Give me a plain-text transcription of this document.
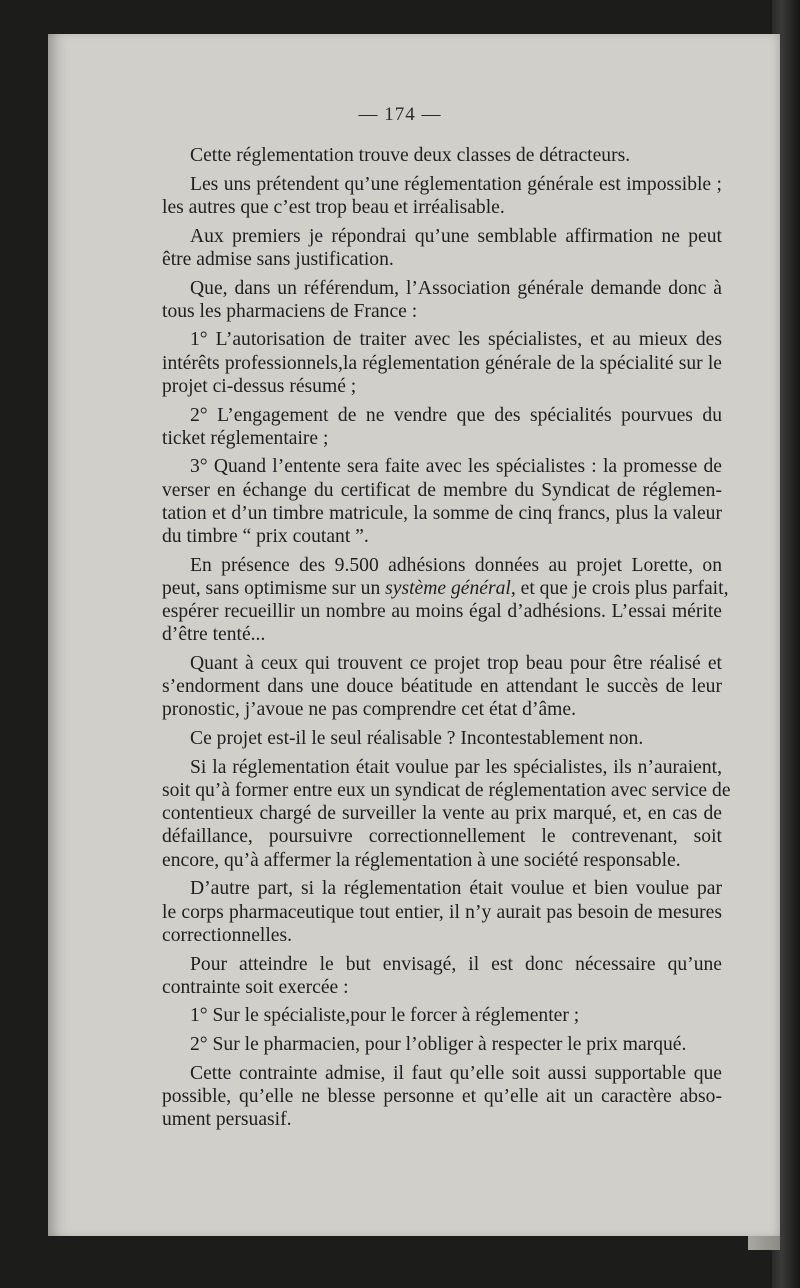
— 174 —

Cette réglementation trouve deux classes de détracteurs.

Les uns prétendent qu’une réglementation générale est impossible ;
les autres que c’est trop beau et irréalisable.

Aux premiers je répondrai qu’une semblable affirmation ne peut
être admise sans justification.

Que, dans un référendum, l’Association générale demande donc à
tous les pharmaciens de France :

1° L’autorisation de traiter avec les spécialistes, et au mieux des
intérêts professionnels,la réglementation générale de la spécialité sur le
projet ci-dessus résumé ;

2° L’engagement de ne vendre que des spécialités pourvues du
ticket réglementaire ;

3° Quand l’entente sera faite avec les spécialistes : la promesse de
verser en échange du certificat de membre du Syndicat de réglemen-
tation et d’un timbre matricule, la somme de cinq francs, plus la valeur
du timbre “ prix coutant ”.

En présence des 9.500 adhésions données au projet Lorette, on
peut, sans optimisme sur un système général, et que je crois plus parfait,
espérer recueillir un nombre au moins égal d’adhésions. L’essai mérite
d’être tenté...

Quant à ceux qui trouvent ce projet trop beau pour être réalisé et
s’endorment dans une douce béatitude en attendant le succès de leur
pronostic, j’avoue ne pas comprendre cet état d’âme.

Ce projet est-il le seul réalisable ? Incontestablement non.

Si la réglementation était voulue par les spécialistes, ils n’auraient,
soit qu’à former entre eux un syndicat de réglementation avec service de
contentieux chargé de surveiller la vente au prix marqué, et, en cas de
défaillance, poursuivre correctionnellement le contrevenant, soit
encore, qu’à affermer la réglementation à une société responsable.

D’autre part, si la réglementation était voulue et bien voulue par
le corps pharmaceutique tout entier, il n’y aurait pas besoin de mesures
correctionnelles.

Pour atteindre le but envisagé, il est donc nécessaire qu’une
contrainte soit exercée :

1° Sur le spécialiste,pour le forcer à réglementer ;

2° Sur le pharmacien, pour l’obliger à respecter le prix marqué.

Cette contrainte admise, il faut qu’elle soit aussi supportable que
possible, qu’elle ne blesse personne et qu’elle ait un caractère abso-
ument persuasif.
